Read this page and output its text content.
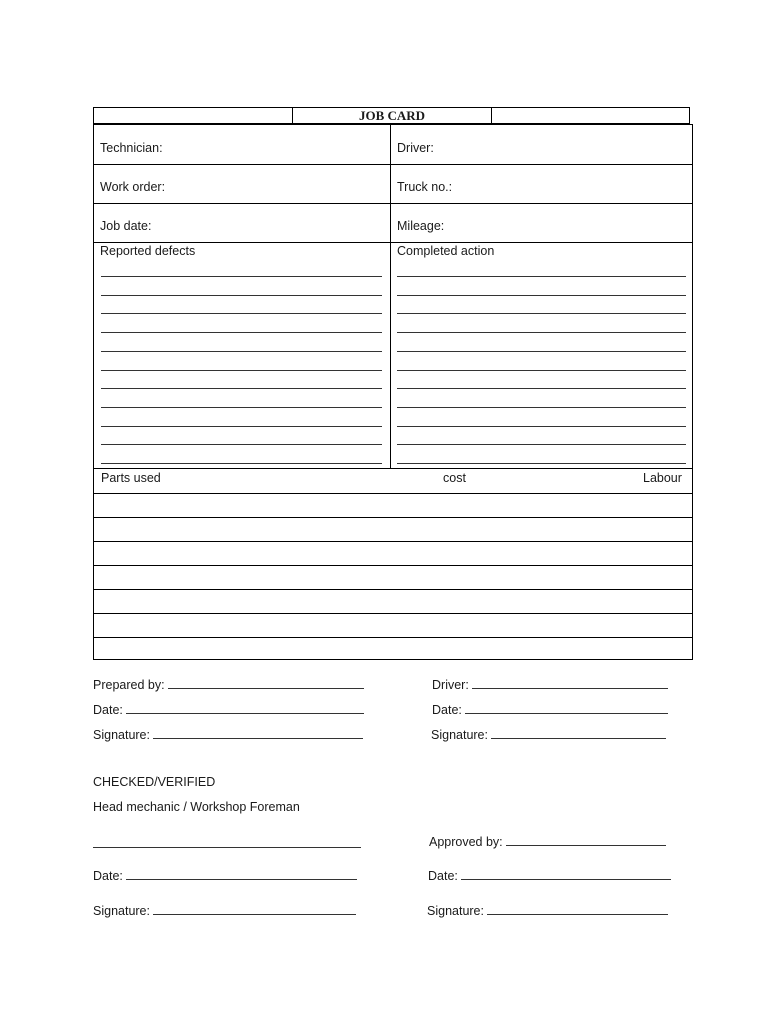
JOB CARD
Technician:	Driver:
Work order:	Truck no.:
Job date:	Mileage:
Reported defects	Completed action
Parts used	cost	Labour
Prepared by:	Driver:
Date:	Date:
Signature:	Signature:
CHECKED/VERIFIED
Head mechanic / Workshop Foreman
Approved by:
Date:	Date:
Signature:	Signature:
